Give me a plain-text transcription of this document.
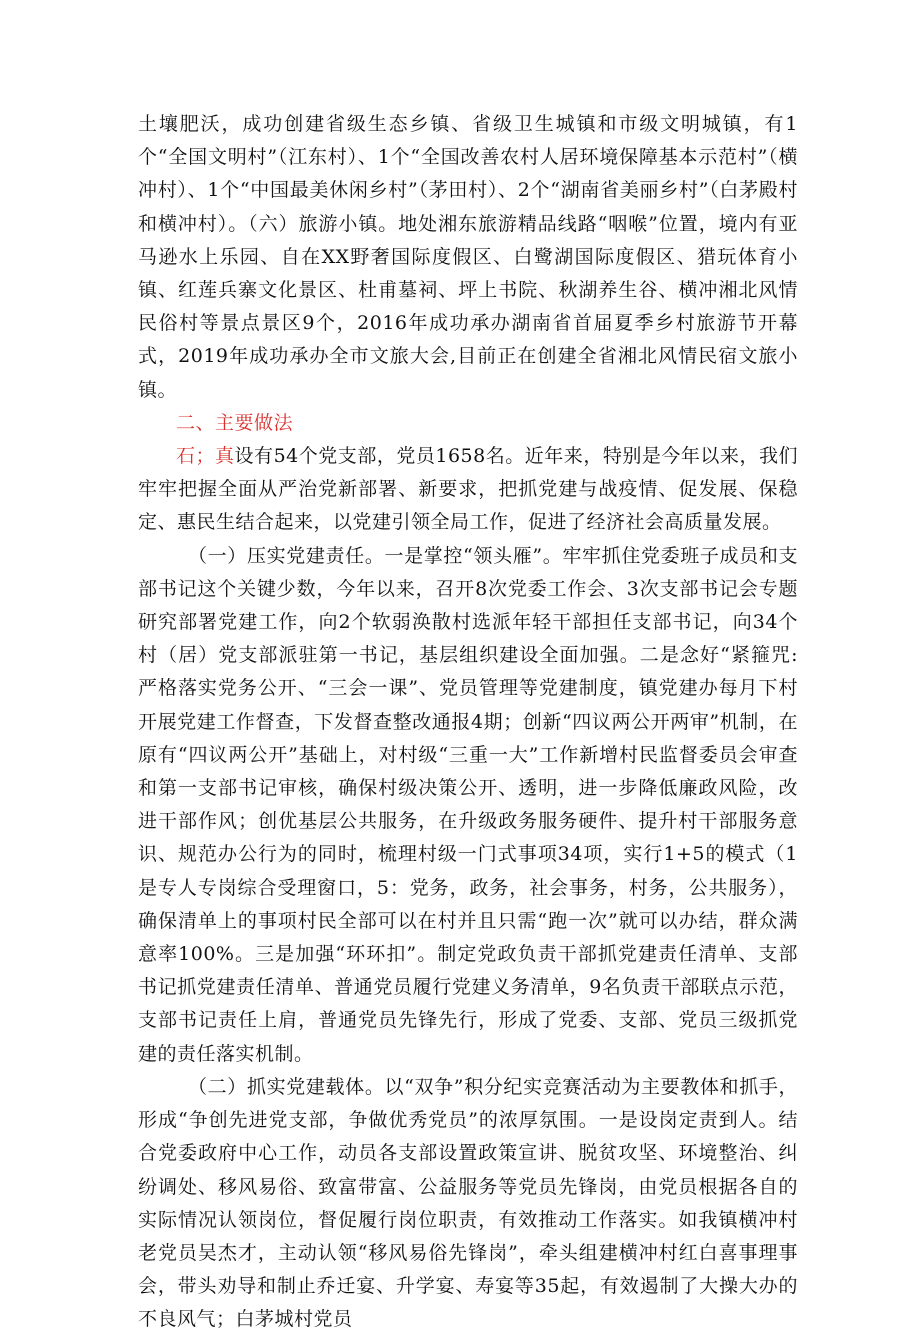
土壤肥沃，成功创建省级生态乡镇、省级卫生城镇和市级文明城镇，有1个“全国文明村”（江东村）、1个“全国改善农村人居环境保障基本示范村”（横冲村）、1个“中国最美休闲乡村”（茅田村）、2个“湖南省美丽乡村”（白茅殿村和横冲村）。（六）旅游小镇。地处湘东旅游精品线路“咽喉”位置，境内有亚马逊水上乐园、自在XX野奢国际度假区、白鹭湖国际度假区、猎玩体育小镇、红莲兵寨文化景区、杜甫墓祠、坪上书院、秋湖养生谷、横冲湘北风情民俗村等景点景区9个，2016年成功承办湖南省首届夏季乡村旅游节开幕式，2019年成功承办全市文旅大会,目前正在创建全省湘北风情民宿文旅小镇。

二、主要做法

石；真设有54个党支部，党员1658名。近年来，特别是今年以来，我们牢牢把握全面从严治党新部署、新要求，把抓党建与战疫情、促发展、保稳定、惠民生结合起来，以党建引领全局工作，促进了经济社会高质量发展。

（一）压实党建责任。一是掌控“领头雁”。牢牢抓住党委班子成员和支部书记这个关键少数，今年以来，召开8次党委工作会、3次支部书记会专题研究部署党建工作，向2个软弱涣散村选派年轻干部担任支部书记，向34个村（居）党支部派驻第一书记，基层组织建设全面加强。二是念好“紧箍咒:严格落实党务公开、“三会一课”、党员管理等党建制度，镇党建办每月下村开展党建工作督查，下发督查整改通报4期；创新“四议两公开两审”机制，在原有“四议两公开”基础上，对村级“三重一大”工作新增村民监督委员会审查和第一支部书记审核，确保村级决策公开、透明，进一步降低廉政风险，改进干部作风；创优基层公共服务，在升级政务服务硬件、提升村干部服务意识、规范办公行为的同时，梳理村级一门式事项34项，实行1+5的模式（1是专人专岗综合受理窗口，5：党务，政务，社会事务，村务，公共服务），确保清单上的事项村民全部可以在村并且只需“跑一次”就可以办结，群众满意率100%。三是加强“环环扣”。制定党政负责干部抓党建责任清单、支部书记抓党建责任清单、普通党员履行党建义务清单，9名负责干部联点示范，支部书记责任上肩，普通党员先锋先行，形成了党委、支部、党员三级抓党建的责任落实机制。

（二）抓实党建载体。以“双争”积分纪实竞赛活动为主要教体和抓手，形成“争创先进党支部，争做优秀党员”的浓厚氛围。一是设岗定责到人。结合党委政府中心工作，动员各支部设置政策宣讲、脱贫攻坚、环境整治、纠纷调处、移风易俗、致富带富、公益服务等党员先锋岗，由党员根据各自的实际情况认领岗位，督促履行岗位职责，有效推动工作落实。如我镇横冲村老党员吴杰才，主动认领“移风易俗先锋岗”，牵头组建横冲村红白喜事理事会，带头劝导和制止乔迁宴、升学宴、寿宴等35起，有效遏制了大操大办的不良风气；白茅城村党员
